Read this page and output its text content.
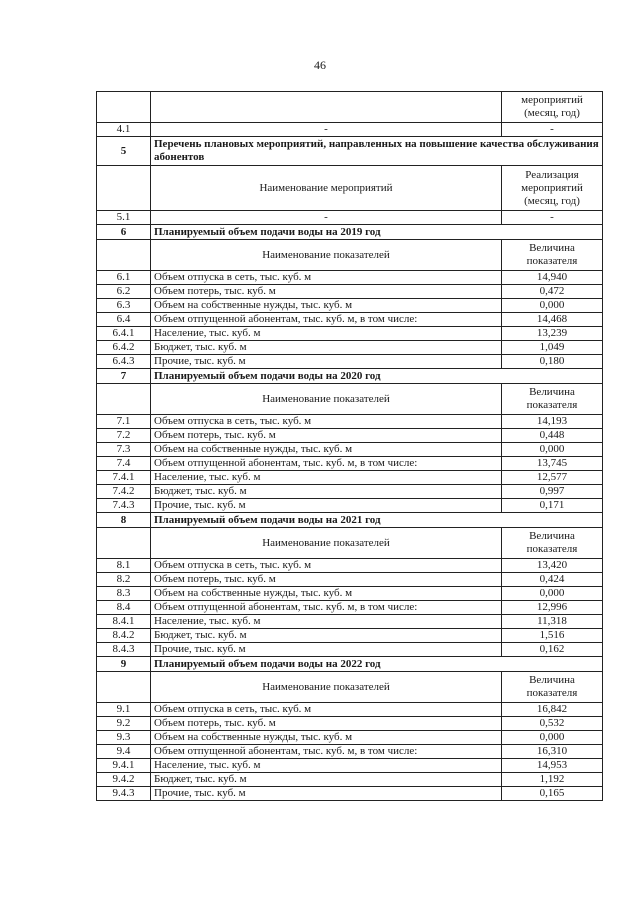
46
		мероприятий (месяц, год)
4.1	-	-
5	Перечень плановых мероприятий, направленных на повышение качества обслуживания абонентов	
	Наименование мероприятий	Реализация мероприятий (месяц, год)
5.1	-	-
6	Планируемый объем подачи воды на 2019 год	
	Наименование показателей	Величина показателя
6.1	Объем отпуска в сеть, тыс. куб. м	14,940
6.2	Объем потерь, тыс. куб. м	0,472
6.3	Объем на собственные нужды, тыс. куб. м	0,000
6.4	Объем отпущенной абонентам, тыс. куб. м, в том числе:	14,468
6.4.1	Население, тыс. куб. м	13,239
6.4.2	Бюджет, тыс. куб. м	1,049
6.4.3	Прочие, тыс. куб. м	0,180
7	Планируемый объем подачи воды на 2020 год	
	Наименование показателей	Величина показателя
7.1	Объем отпуска в сеть, тыс. куб. м	14,193
7.2	Объем потерь, тыс. куб. м	0,448
7.3	Объем на собственные нужды, тыс. куб. м	0,000
7.4	Объем отпущенной абонентам, тыс. куб. м, в том числе:	13,745
7.4.1	Население, тыс. куб. м	12,577
7.4.2	Бюджет, тыс. куб. м	0,997
7.4.3	Прочие, тыс. куб. м	0,171
8	Планируемый объем подачи воды на 2021 год	
	Наименование показателей	Величина показателя
8.1	Объем отпуска в сеть, тыс. куб. м	13,420
8.2	Объем потерь, тыс. куб. м	0,424
8.3	Объем на собственные нужды, тыс. куб. м	0,000
8.4	Объем отпущенной абонентам, тыс. куб. м, в том числе:	12,996
8.4.1	Население, тыс. куб. м	11,318
8.4.2	Бюджет, тыс. куб. м	1,516
8.4.3	Прочие, тыс. куб. м	0,162
9	Планируемый объем подачи воды на 2022 год	
	Наименование показателей	Величина показателя
9.1	Объем отпуска в сеть, тыс. куб. м	16,842
9.2	Объем потерь, тыс. куб. м	0,532
9.3	Объем на собственные нужды, тыс. куб. м	0,000
9.4	Объем отпущенной абонентам, тыс. куб. м, в том числе:	16,310
9.4.1	Население, тыс. куб. м	14,953
9.4.2	Бюджет, тыс. куб. м	1,192
9.4.3	Прочие, тыс. куб. м	0,165
